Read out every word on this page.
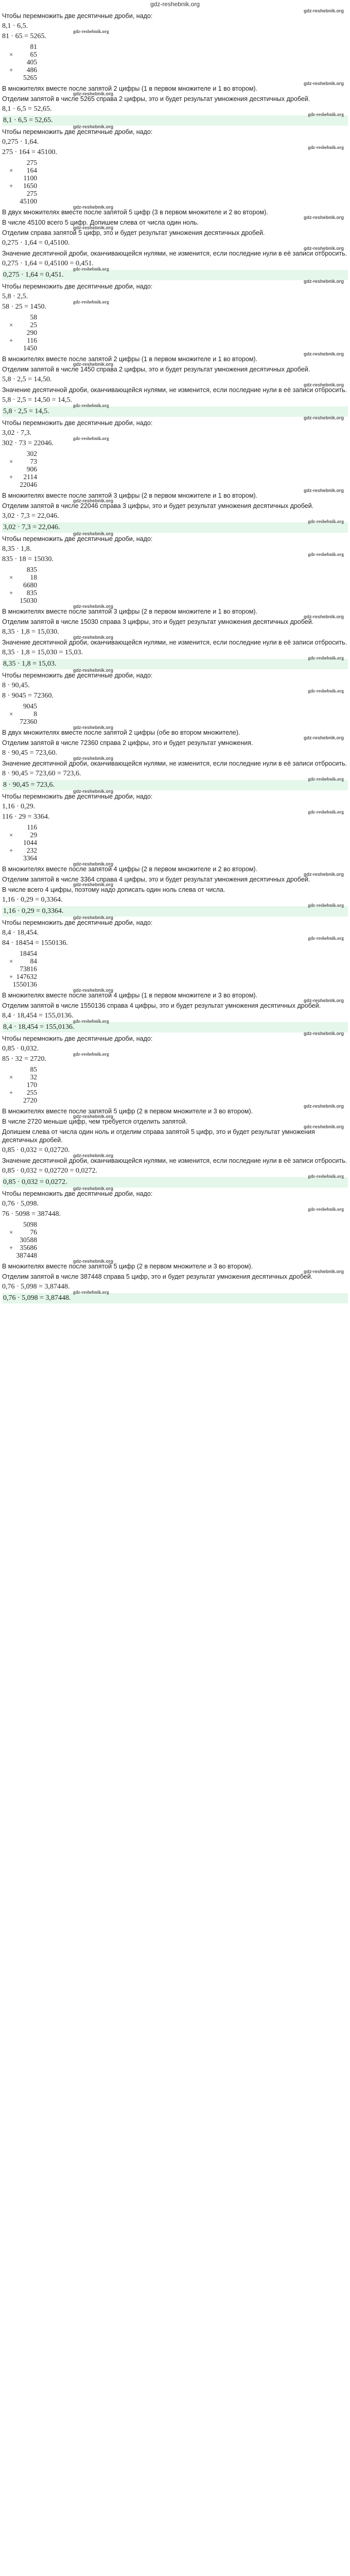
gdz-reshebnik.org
Чтобы перемножить две десятичные дроби, надо:
gdz-reshebnik.org
8,1 · 6,5.
81 · 65 = 5265.
gdz-reshebnik.org
81
× 65
405
+ 486
5265
В множителях вместе после запятой 2 цифры (1 в первом множителе и 1 во втором).
gdz-reshebnik.org
Отделим запятой в числе 5265 справа 2 цифры, это и будет результат умножения десятичных дробей.
gdz-reshebnik.org
8,1 · 6,5 = 52,65.
8,1 · 6,5 = 52,65.
gdz-reshebnik.org
Чтобы перемножить две десятичные дроби, надо:
gdz-reshebnik.org
0,275 · 1,64.
275 · 164 = 45100.
gdz-reshebnik.org
275
× 164
1100
+ 1650
275
45100
В двух множителях вместе после запятой 5 цифр (3 в первом множителе и 2 во втором).
gdz-reshebnik.org
В числе 45100 всего 5 цифр. Допишем слева от числа один ноль.
gdz-reshebnik.org
Отделим справа запятой 5 цифр, это и будет результат умножения десятичных дробей.
gdz-reshebnik.org
0,275 · 1,64 = 0,45100.
Значение десятичной дроби, оканчивающейся нулями, не изменится, если последние нули в её записи отбросить.
gdz-reshebnik.org
0,275 · 1,64 = 0,45100 = 0,451.
0,275 · 1,64 = 0,451.
gdz-reshebnik.org
Чтобы перемножить две десятичные дроби, надо:
gdz-reshebnik.org
5,8 · 2,5.
58 · 25 = 1450.
gdz-reshebnik.org
58
× 25
290
+ 116
1450
В множителях вместе после запятой 2 цифры (1 в первом множителе и 1 во втором).
gdz-reshebnik.org
Отделим запятой в числе 1450 справа 2 цифры, это и будет результат умножения десятичных дробей.
gdz-reshebnik.org
5,8 · 2,5 = 14,50.
Значение десятичной дроби, оканчивающейся нулями, не изменится, если последние нули в её записи отбросить.
gdz-reshebnik.org
5,8 · 2,5 = 14,50 = 14,5.
5,8 · 2,5 = 14,5.
gdz-reshebnik.org
Чтобы перемножить две десятичные дроби, надо:
gdz-reshebnik.org
3,02 · 7,3.
302 · 73 = 22046.
gdz-reshebnik.org
302
× 73
906
+ 2114
22046
В множителях вместе после запятой 3 цифры (2 в первом множителе и 1 во втором).
gdz-reshebnik.org
Отделим запятой в числе 22046 справа 3 цифры, это и будет результат умножения десятичных дробей.
gdz-reshebnik.org
3,02 · 7,3 = 22,046.
3,02 · 7,3 = 22,046.
gdz-reshebnik.org
Чтобы перемножить две десятичные дроби, надо:
gdz-reshebnik.org
8,35 · 1,8.
835 · 18 = 15030.
gdz-reshebnik.org
835
× 18
6680
+ 835
15030
В множителях вместе после запятой 3 цифры (2 в первом множителе и 1 во втором).
gdz-reshebnik.org
Отделим запятой в числе 15030 справа 3 цифры, это и будет результат умножения десятичных дробей.
gdz-reshebnik.org
8,35 · 1,8 = 15,030.
Значение десятичной дроби, оканчивающейся нулями, не изменится, если последние нули в её записи отбросить.
gdz-reshebnik.org
8,35 · 1,8 = 15,030 = 15,03.
8,35 · 1,8 = 15,03.
gdz-reshebnik.org
Чтобы перемножить две десятичные дроби, надо:
gdz-reshebnik.org
8 · 90,45.
8 · 9045 = 72360.
gdz-reshebnik.org
9045
×	8
72360
В двух множителях вместе после запятой 2 цифры (обе во втором множителе).
gdz-reshebnik.org
Отделим запятой в числе 72360 справа 2 цифры, это и будет результат умножения.
gdz-reshebnik.org
8 · 90,45 = 723,60.
Значение десятичной дроби, оканчивающейся нулями, не изменится, если последние нули в её записи отбросить.
gdz-reshebnik.org
8 · 90,45 = 723,60 = 723,6.
8 · 90,45 = 723,6.
gdz-reshebnik.org
Чтобы перемножить две десятичные дроби, надо:
gdz-reshebnik.org
1,16 · 0,29.
116 · 29 = 3364.
gdz-reshebnik.org
116
× 29
1044
+ 232
3364
В множителях вместе после запятой 4 цифры (2 в первом множителе и 2 во втором).
gdz-reshebnik.org
Отделим запятой в числе 3364 справа 4 цифры, это и будет результат умножения десятичных дробей.
gdz-reshebnik.org
В числе всего 4 цифры, поэтому надо дописать один ноль слева от числа.
gdz-reshebnik.org
1,16 · 0,29 = 0,3364.
1,16 · 0,29 = 0,3364.
gdz-reshebnik.org
Чтобы перемножить две десятичные дроби, надо:
gdz-reshebnik.org
8,4 · 18,454.
84 · 18454 = 1550136.
gdz-reshebnik.org
18454
× 84
73816
+ 147632
1550136
В множителях вместе после запятой 4 цифры (1 в первом множителе и 3 во втором).
gdz-reshebnik.org
Отделим запятой в числе 1550136 справа 4 цифры, это и будет результат умножения десятичных дробей.
gdz-reshebnik.org
8,4 · 18,454 = 155,0136.
8,4 · 18,454 = 155,0136.
gdz-reshebnik.org
Чтобы перемножить две десятичные дроби, надо:
gdz-reshebnik.org
0,85 · 0,032.
85 · 32 = 2720.
gdz-reshebnik.org
85
× 32
170
+ 255
2720
В множителях вместе после запятой 5 цифр (2 в первом множителе и 3 во втором).
gdz-reshebnik.org
В числе 2720 меньше цифр, чем требуется отделить запятой.
gdz-reshebnik.org
Допишем слева от числа один ноль и отделим справа запятой 5 цифр, это и будет результат умножения десятичных дробей.
gdz-reshebnik.org
0,85 · 0,032 = 0,02720.
Значение десятичной дроби, оканчивающейся нулями, не изменится, если последние нули в её записи отбросить.
gdz-reshebnik.org
0,85 · 0,032 = 0,02720 = 0,0272.
0,85 · 0,032 = 0,0272.
gdz-reshebnik.org
Чтобы перемножить две десятичные дроби, надо:
gdz-reshebnik.org
0,76 · 5,098.
76 · 5098 = 387448.
gdz-reshebnik.org
5098
× 76
30588
+ 35686
387448
В множителях вместе после запятой 5 цифр (2 в первом множителе и 3 во втором).
gdz-reshebnik.org
Отделим запятой в числе 387448 справа 5 цифр, это и будет результат умножения десятичных дробей.
gdz-reshebnik.org
0,76 · 5,098 = 3,87448.
0,76 · 5,098 = 3,87448.
gdz-reshebnik.org
